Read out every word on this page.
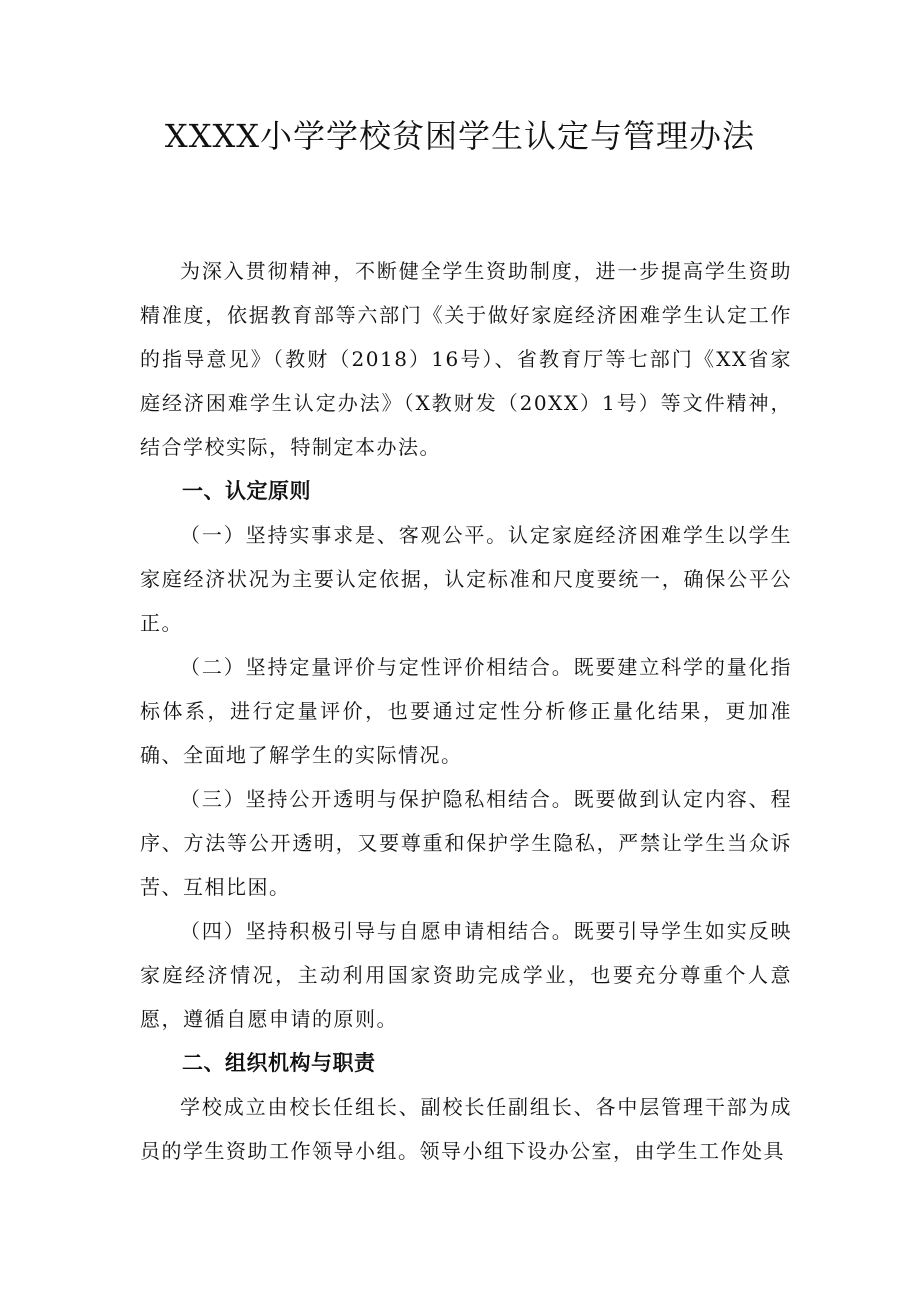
XXXX小学学校贫困学生认定与管理办法

为深入贯彻精神，不断健全学生资助制度，进一步提高学生资助精准度，依据教育部等六部门《关于做好家庭经济困难学生认定工作的指导意见》（教财（2018）16号）、省教育厅等七部门《XX省家庭经济困难学生认定办法》（X教财发（20XX）1号）等文件精神，结合学校实际，特制定本办法。

一、认定原则

（一）坚持实事求是、客观公平。认定家庭经济困难学生以学生家庭经济状况为主要认定依据，认定标准和尺度要统一，确保公平公正。

（二）坚持定量评价与定性评价相结合。既要建立科学的量化指标体系，进行定量评价，也要通过定性分析修正量化结果，更加准确、全面地了解学生的实际情况。

（三）坚持公开透明与保护隐私相结合。既要做到认定内容、程序、方法等公开透明，又要尊重和保护学生隐私，严禁让学生当众诉苦、互相比困。

（四）坚持积极引导与自愿申请相结合。既要引导学生如实反映家庭经济情况，主动利用国家资助完成学业，也要充分尊重个人意愿，遵循自愿申请的原则。

二、组织机构与职责

学校成立由校长任组长、副校长任副组长、各中层管理干部为成员的学生资助工作领导小组。领导小组下设办公室，由学生工作处具
